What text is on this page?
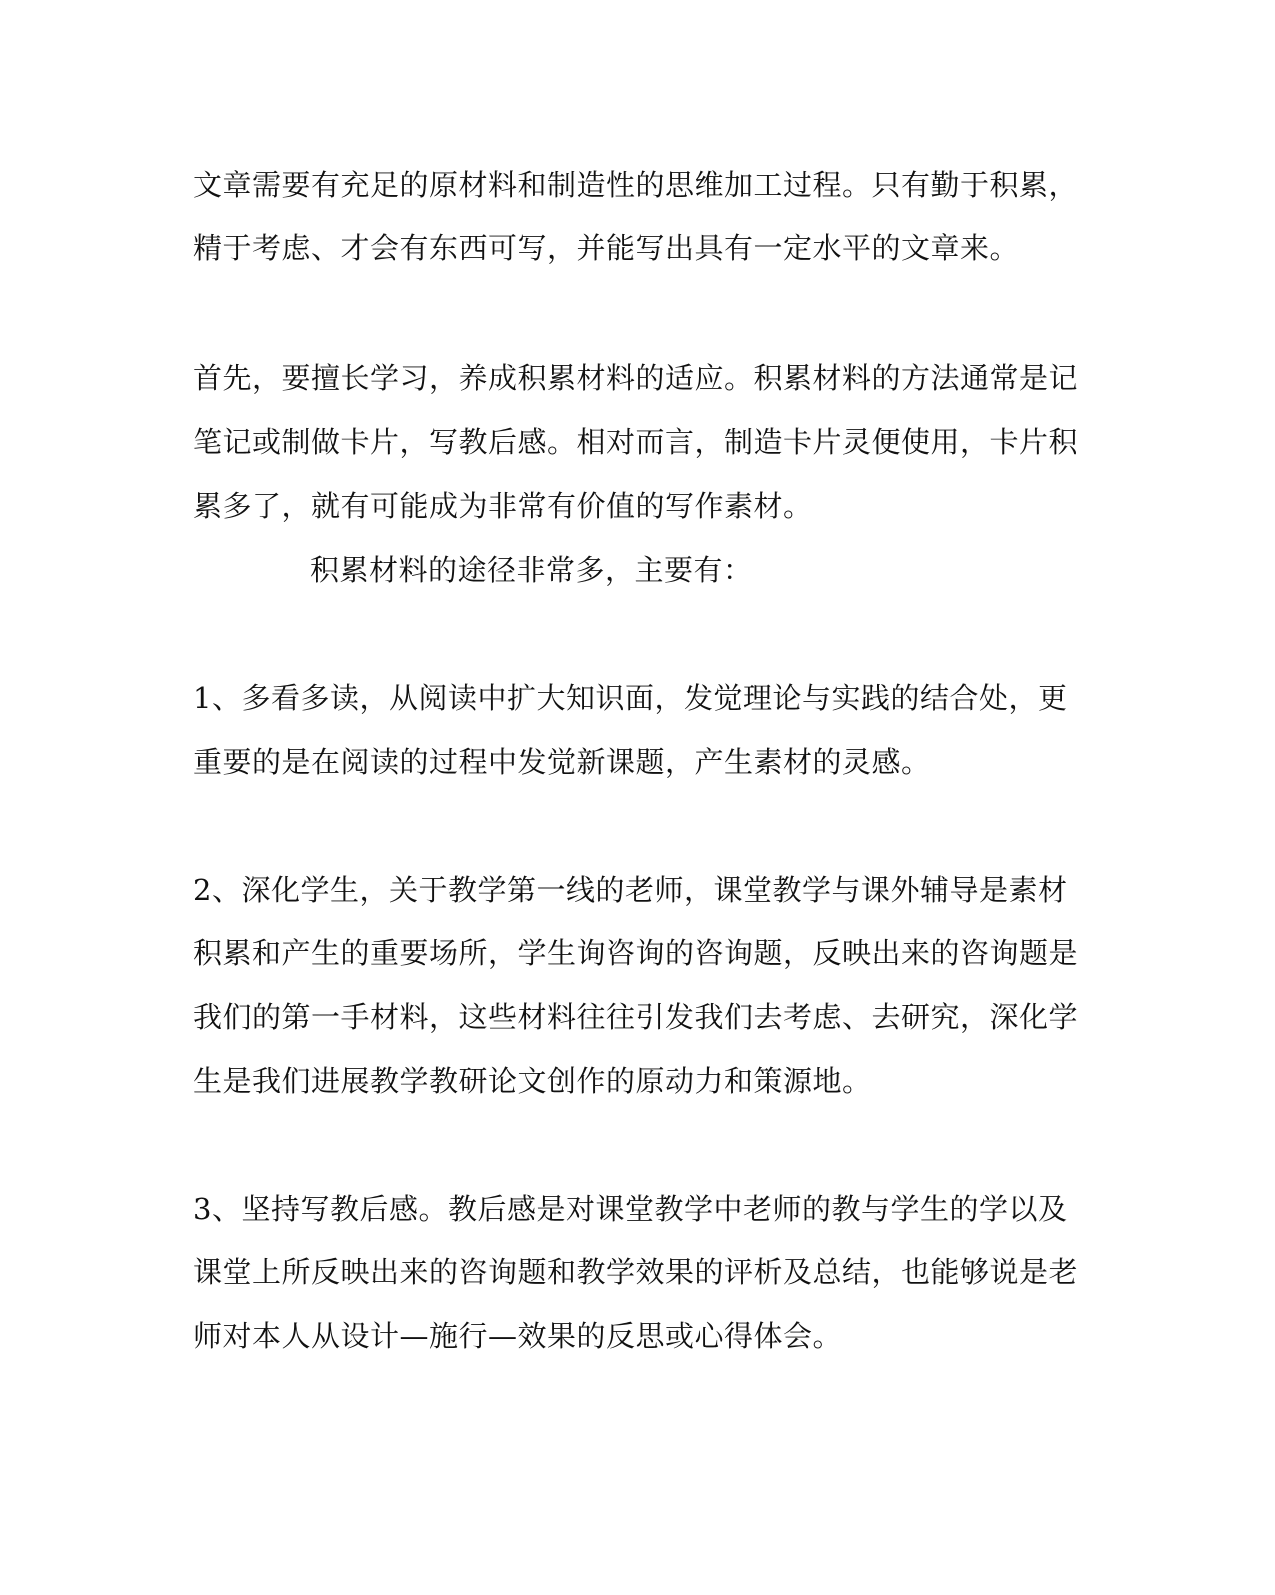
文章需要有充足的原材料和制造性的思维加工过程。只有勤于积累，
精于考虑、才会有东西可写，并能写出具有一定水平的文章来。
首先，要擅长学习，养成积累材料的适应。积累材料的方法通常是记
笔记或制做卡片，写教后感。相对而言，制造卡片灵便使用，卡片积
累多了，就有可能成为非常有价值的写作素材。
积累材料的途径非常多，主要有：
1、多看多读，从阅读中扩大知识面，发觉理论与实践的结合处，更
重要的是在阅读的过程中发觉新课题，产生素材的灵感。
2、深化学生，关于教学第一线的老师，课堂教学与课外辅导是素材
积累和产生的重要场所，学生询咨询的咨询题，反映出来的咨询题是
我们的第一手材料，这些材料往往引发我们去考虑、去研究，深化学
生是我们进展教学教研论文创作的原动力和策源地。
3、坚持写教后感。教后感是对课堂教学中老师的教与学生的学以及
课堂上所反映出来的咨询题和教学效果的评析及总结，也能够说是老
师对本人从设计—施行—效果的反思或心得体会。
